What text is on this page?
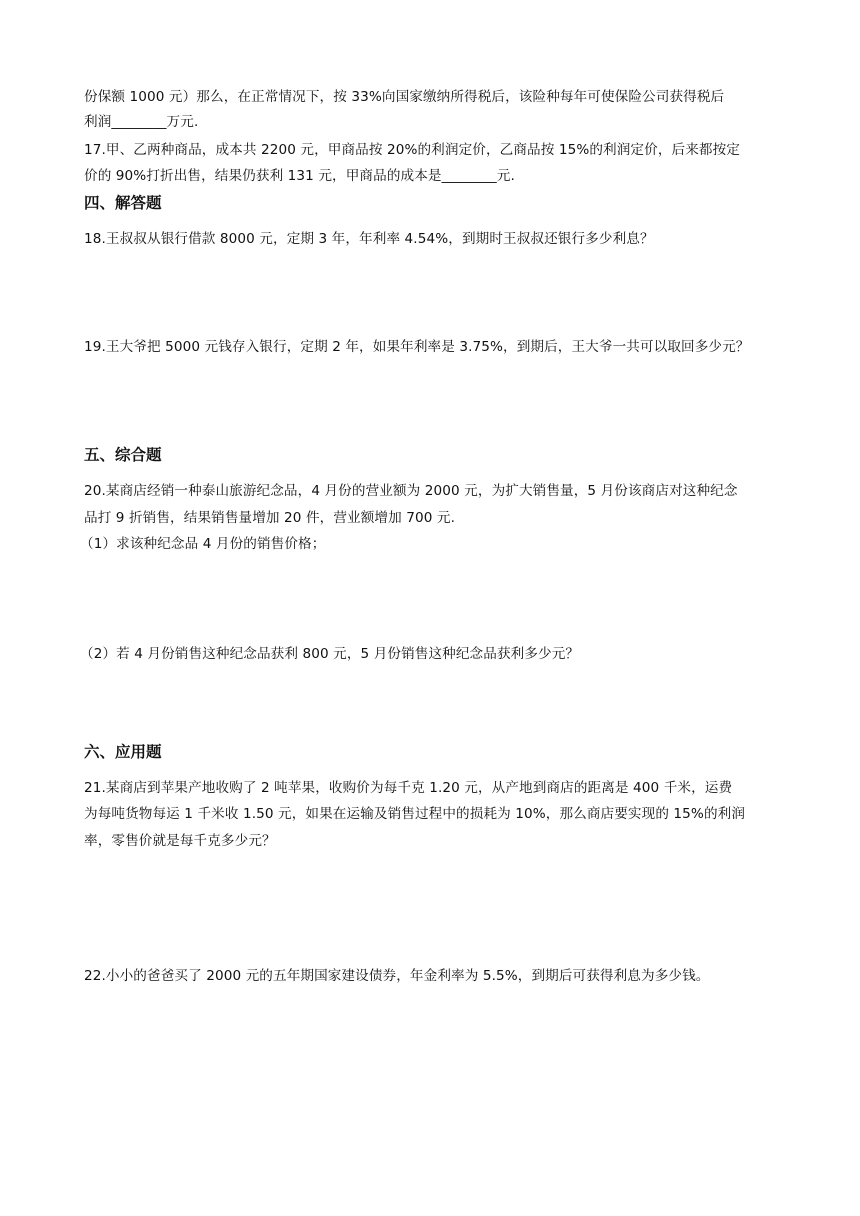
份保额 1000 元）那么，在正常情况下，按 33%向国家缴纳所得税后，该险种每年可使保险公司获得税后
利润________万元.
17.甲、乙两种商品，成本共 2200 元，甲商品按 20%的利润定价，乙商品按 15%的利润定价，后来都按定
价的 90%打折出售，结果仍获利 131 元，甲商品的成本是________元.
四、解答题
18.王叔叔从银行借款 8000 元，定期 3 年，年利率 4.54%，到期时王叔叔还银行多少利息？
19.王大爷把 5000 元钱存入银行，定期 2 年，如果年利率是 3.75%，到期后，王大爷一共可以取回多少元？
五、综合题
20.某商店经销一种泰山旅游纪念品，4 月份的营业额为 2000 元，为扩大销售量，5 月份该商店对这种纪念
品打 9 折销售，结果销售量增加 20 件，营业额增加 700 元.
（1）求该种纪念品 4 月份的销售价格；
（2）若 4 月份销售这种纪念品获利 800 元，5 月份销售这种纪念品获利多少元？
六、应用题
21.某商店到苹果产地收购了 2 吨苹果，收购价为每千克 1.20 元，从产地到商店的距离是 400 千米，运费
为每吨货物每运 1 千米收 1.50 元，如果在运输及销售过程中的损耗为 10%，那么商店要实现的 15%的利润
率，零售价就是每千克多少元？
22.小小的爸爸买了 2000 元的五年期国家建设债券，年金利率为 5.5%，到期后可获得利息为多少钱。
